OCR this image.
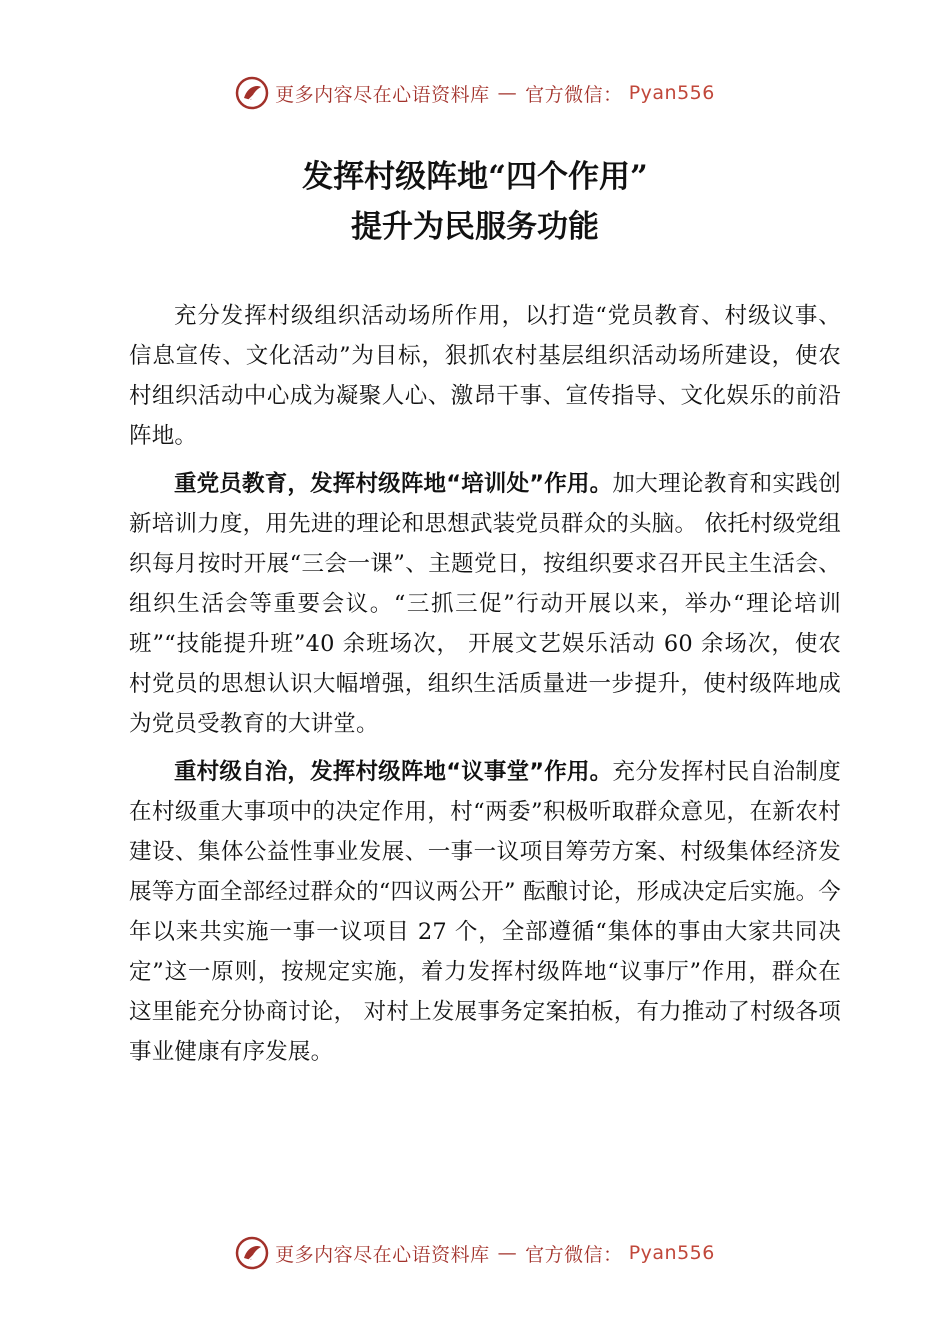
更多内容尽在心语资料库 — 官方微信： Pyan556
发挥村级阵地“四个作用”
提升为民服务功能

充分发挥村级组织活动场所作用，以打造“党员教育、村级议事、信息宣传、文化活动”为目标，狠抓农村基层组织活动场所建设，使农村组织活动中心成为凝聚人心、激昂干事、宣传指导、文化娱乐的前沿阵地。

重党员教育，发挥村级阵地“培训处”作用。加大理论教育和实践创新培训力度，用先进的理论和思想武装党员群众的头脑。 依托村级党组织每月按时开展“三会一课”、主题党日，按组织要求召开民主生活会、组织生活会等重要会议。“三抓三促”行动开展以来，举办“理论培训班”“技能提升班”40 余班场次， 开展文艺娱乐活动 60 余场次，使农村党员的思想认识大幅增强，组织生活质量进一步提升，使村级阵地成为党员受教育的大讲堂。

重村级自治，发挥村级阵地“议事堂”作用。充分发挥村民自治制度在村级重大事项中的决定作用，村“两委”积极听取群众意见，在新农村建设、集体公益性事业发展、一事一议项目筹劳方案、村级集体经济发展等方面全部经过群众的“四议两公开” 酝酿讨论，形成决定后实施。今年以来共实施一事一议项目 27 个，全部遵循“集体的事由大家共同决定”这一原则，按规定实施，着力发挥村级阵地“议事厅”作用，群众在这里能充分协商讨论， 对村上发展事务定案拍板，有力推动了村级各项事业健康有序发展。

更多内容尽在心语资料库 — 官方微信： Pyan556
